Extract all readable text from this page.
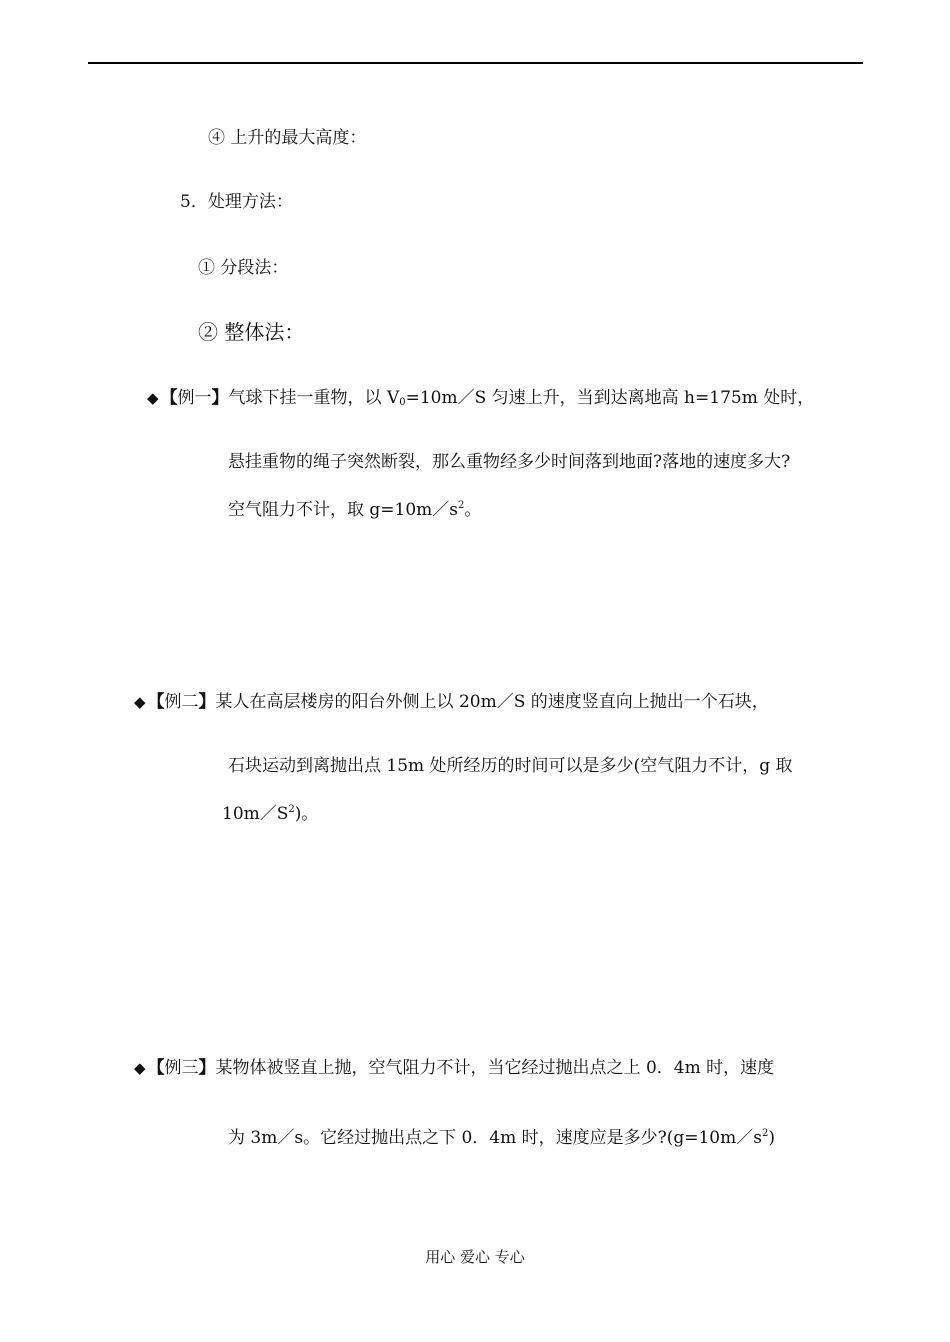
④ 上升的最大高度：
5．处理方法：
① 分段法：
② 整体法：
◆ 【例一】气球下挂一重物，以 $V_0=10m/S$ 匀速上升，当到达离地高 h=175m 处时，
悬挂重物的绳子突然断裂，那么重物经多少时间落到地面?落地的速度多大?
空气阻力不计，取 $g=10m/s^2$。
◆ 【例二】某人在高层楼房的阳台外侧上以 20m／S 的速度竖直向上抛出一个石块，
石块运动到离抛出点 15m 处所经历的时间可以是多少(空气阻力不计，g 取
$10m/S^2$)。
◆ 【例三】某物体被竖直上抛，空气阻力不计，当它经过抛出点之上 0．4m 时，速度
为 3m／s。它经过抛出点之下 0．4m 时，速度应是多少$?(g=10m/s^2)$
用心 爱心 专心
